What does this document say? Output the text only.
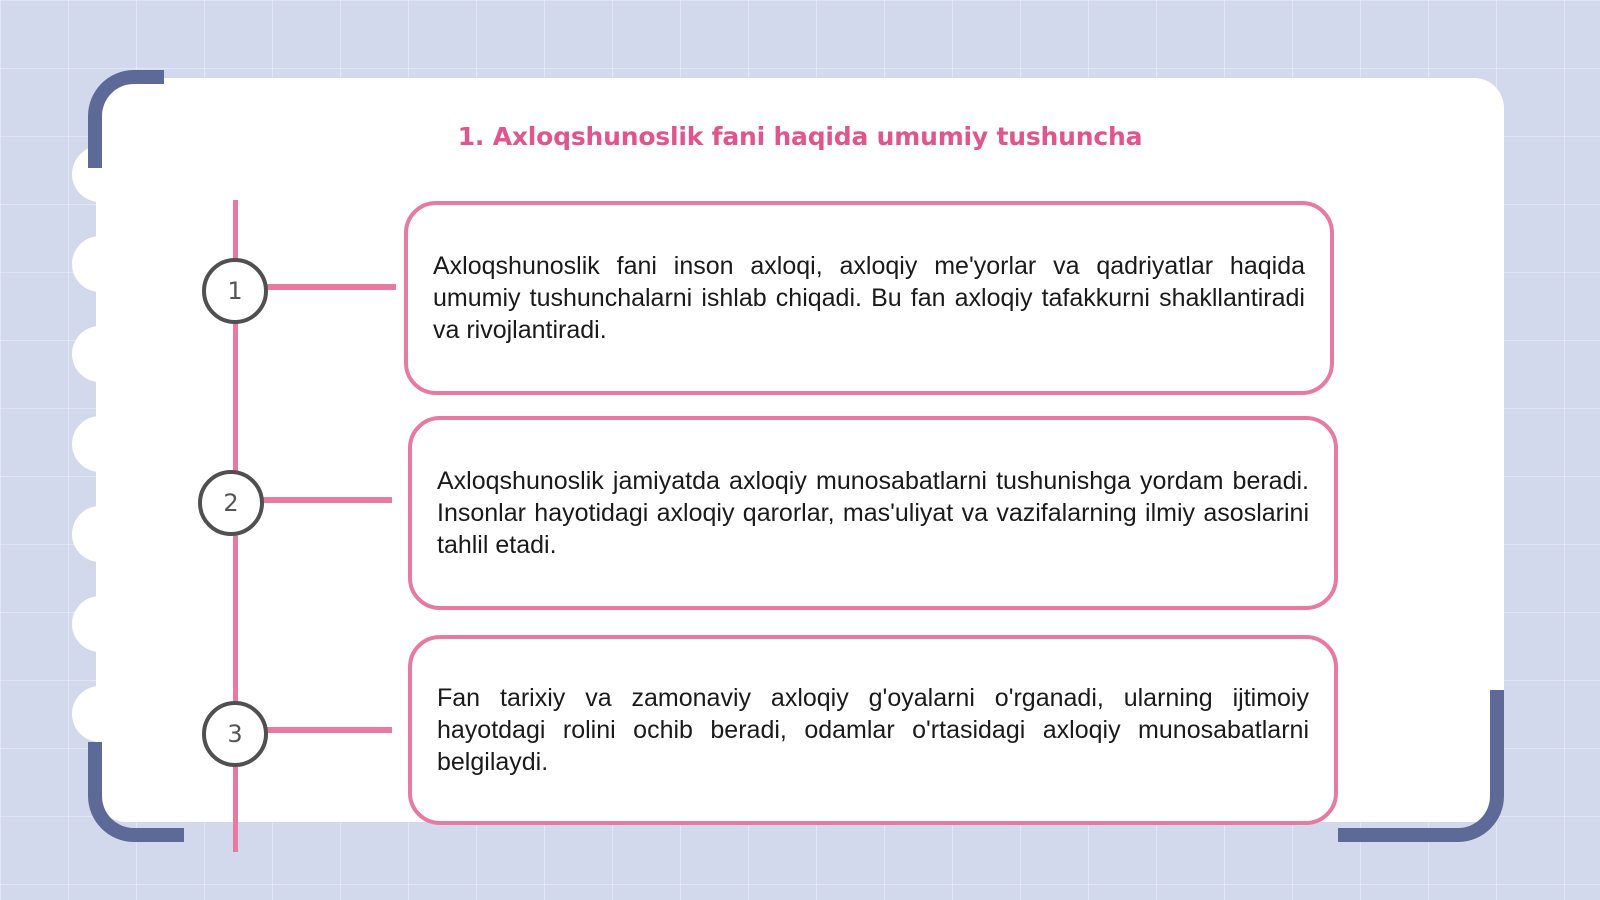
1. Axloqshunoslik fani haqida umumiy tushuncha
1

Axloqshunoslik fani inson axloqi, axloqiy me'yorlar va qadriyatlar haqida umumiy tushunchalarni ishlab chiqadi. Bu fan axloqiy tafakkurni shakllantiradi va rivojlantiradi.

2

Axloqshunoslik jamiyatda axloqiy munosabatlarni tushunishga yordam beradi. Insonlar hayotidagi axloqiy qarorlar, mas'uliyat va vazifalarning ilmiy asoslarini tahlil etadi.

3

Fan tarixiy va zamonaviy axloqiy g'oyalarni o'rganadi, ularning ijtimoiy hayotdagi rolini ochib beradi, odamlar o'rtasidagi axloqiy munosabatlarni belgilaydi.
